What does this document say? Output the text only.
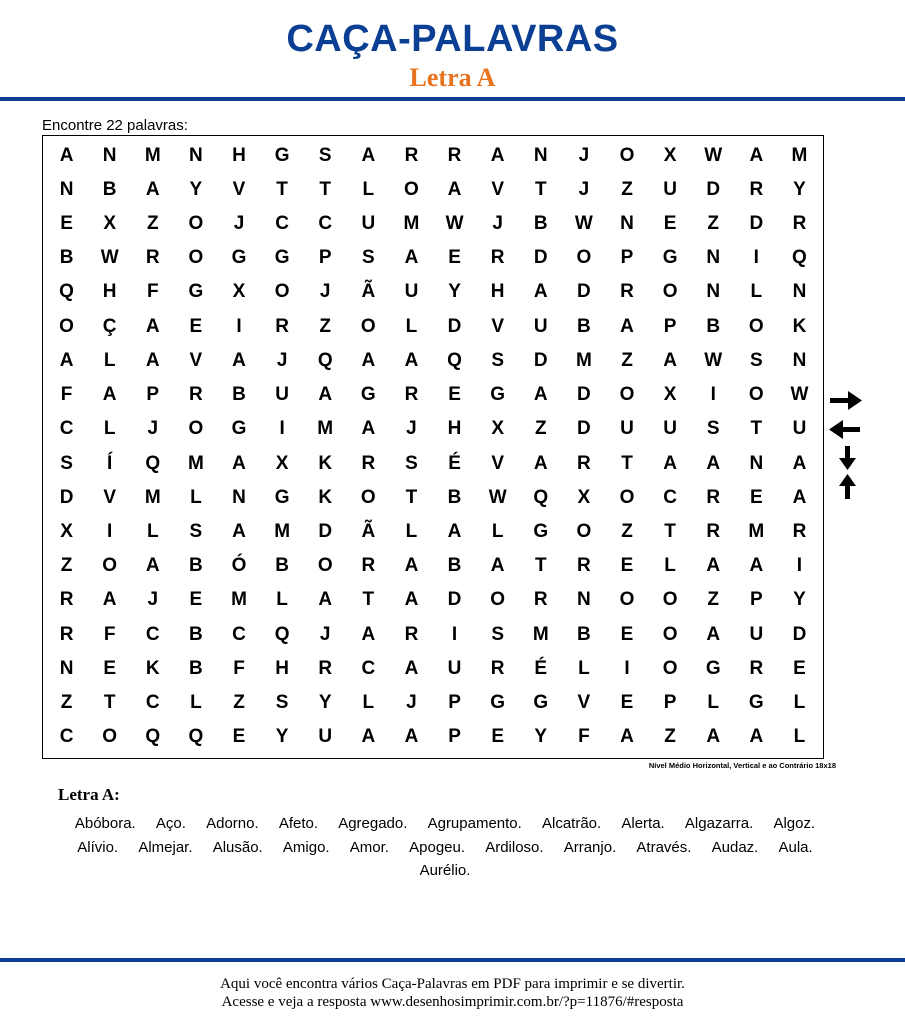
CAÇA-PALAVRAS
Letra A
Encontre 22 palavras:
A	N	M	N	H	G	S	A	R	R	A	N	J	O	X	W	A	M
N	B	A	Y	V	T	T	L	O	A	V	T	J	Z	U	D	R	Y
E	X	Z	O	J	C	C	U	M	W	J	B	W	N	E	Z	D	R
B	W	R	O	G	G	P	S	A	E	R	D	O	P	G	N	I	Q
Q	H	F	G	X	O	J	Ã	U	Y	H	A	D	R	O	N	L	N
O	Ç	A	E	I	R	Z	O	L	D	V	U	B	A	P	B	O	K
A	L	A	V	A	J	Q	A	A	Q	S	D	M	Z	A	W	S	N
F	A	P	R	B	U	A	G	R	E	G	A	D	O	X	I	O	W
C	L	J	O	G	I	M	A	J	H	X	Z	D	U	U	S	T	U
S	Í	Q	M	A	X	K	R	S	É	V	A	R	T	A	A	N	A
D	V	M	L	N	G	K	O	T	B	W	Q	X	O	C	R	E	A
X	I	L	S	A	M	D	Ã	L	A	L	G	O	Z	T	R	M	R
Z	O	A	B	Ó	B	O	R	A	B	A	T	R	E	L	A	A	I
R	A	J	E	M	L	A	T	A	D	O	R	N	O	O	Z	P	Y
R	F	C	B	C	Q	J	A	R	I	S	M	B	E	O	A	U	D
N	E	K	B	F	H	R	C	A	U	R	É	L	I	O	G	R	E
Z	T	C	L	Z	S	Y	L	J	P	G	G	V	E	P	L	G	L
C	O	Q	Q	E	Y	U	A	A	P	E	Y	F	A	Z	A	A	L
Nível Médio Horizontal, Vertical e ao Contrário 18x18
Letra A:
Abóbora. Aço. Adorno. Afeto. Agregado. Agrupamento. Alcatrão. Alerta. Algazarra. Algoz. Alívio. Almejar. Alusão. Amigo. Amor. Apogeu. Ardiloso. Arranjo. Através. Audaz. Aula. Aurélio.
Aqui você encontra vários Caça-Palavras em PDF para imprimir e se divertir.
Acesse e veja a resposta www.desenhosimprimir.com.br/?p=11876/#resposta
